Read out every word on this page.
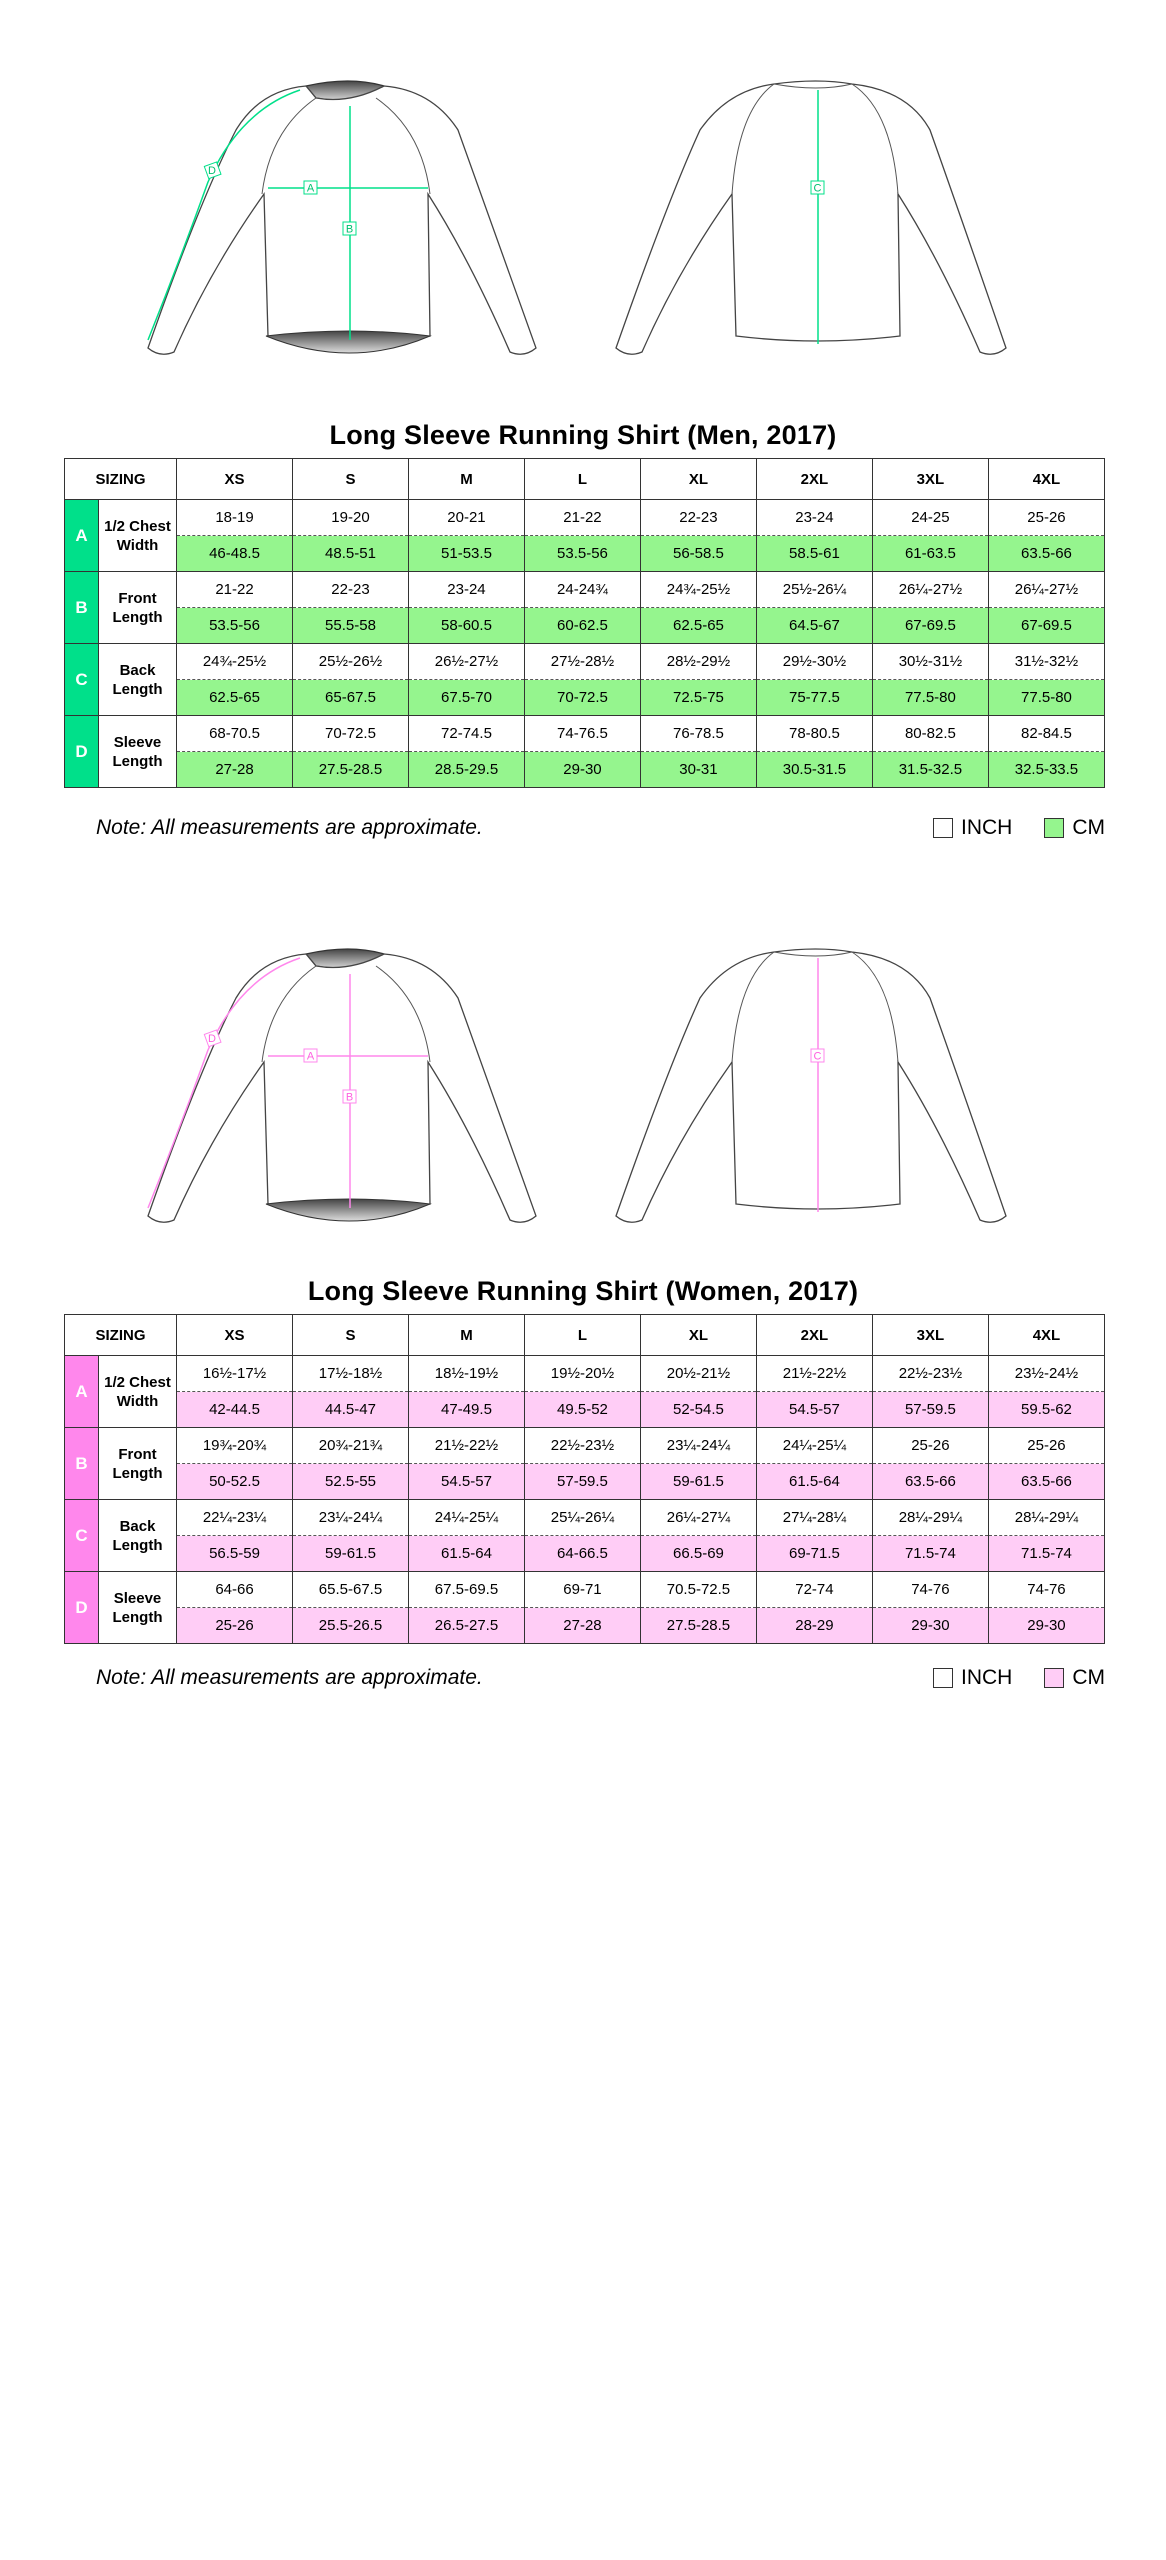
A
B
D
C
Long Sleeve Running Shirt (Men, 2017)
SIZING		XS	S	M	L	XL	2XL	3XL	4XL
A	1/2 Chest Width	18-19	19-20	20-21	21-22	22-23	23-24	24-25	25-26
		46-48.5	48.5-51	51-53.5	53.5-56	56-58.5	58.5-61	61-63.5	63.5-66
B	Front Length	21-22	22-23	23-24	24-24¾	24¾-25½	25½-26¼	26¼-27½	26¼-27½
		53.5-56	55.5-58	58-60.5	60-62.5	62.5-65	64.5-67	67-69.5	67-69.5
C	Back Length	24¾-25½	25½-26½	26½-27½	27½-28½	28½-29½	29½-30½	30½-31½	31½-32½
		62.5-65	65-67.5	67.5-70	70-72.5	72.5-75	75-77.5	77.5-80	77.5-80
D	Sleeve Length	68-70.5	70-72.5	72-74.5	74-76.5	76-78.5	78-80.5	80-82.5	82-84.5
		27-28	27.5-28.5	28.5-29.5	29-30	30-31	30.5-31.5	31.5-32.5	32.5-33.5
Note: All measurements are approximate.	INCH	CM
A
B
D
C
Long Sleeve Running Shirt (Women, 2017)
SIZING		XS	S	M	L	XL	2XL	3XL	4XL
A	1/2 Chest Width	16½-17½	17½-18½	18½-19½	19½-20½	20½-21½	21½-22½	22½-23½	23½-24½
		42-44.5	44.5-47	47-49.5	49.5-52	52-54.5	54.5-57	57-59.5	59.5-62
B	Front Length	19¾-20¾	20¾-21¾	21½-22½	22½-23½	23¼-24¼	24¼-25¼	25-26	25-26
		50-52.5	52.5-55	54.5-57	57-59.5	59-61.5	61.5-64	63.5-66	63.5-66
C	Back Length	22¼-23¼	23¼-24¼	24¼-25¼	25¼-26¼	26¼-27¼	27¼-28¼	28¼-29¼	28¼-29¼
		56.5-59	59-61.5	61.5-64	64-66.5	66.5-69	69-71.5	71.5-74	71.5-74
D	Sleeve Length	64-66	65.5-67.5	67.5-69.5	69-71	70.5-72.5	72-74	74-76	74-76
		25-26	25.5-26.5	26.5-27.5	27-28	27.5-28.5	28-29	29-30	29-30
Note: All measurements are approximate.	INCH	CM
